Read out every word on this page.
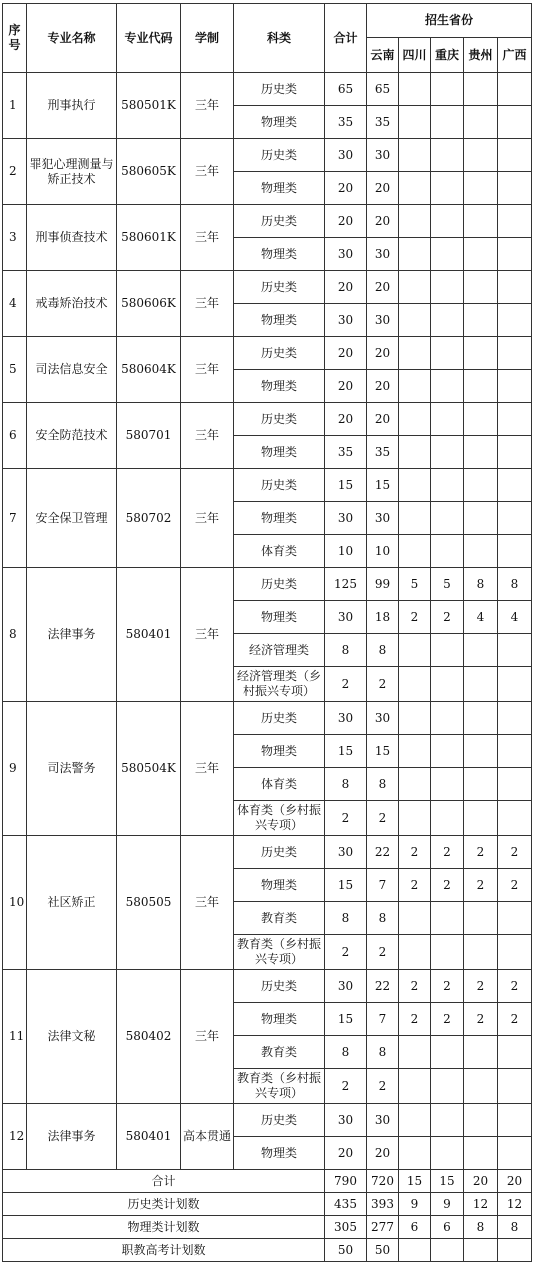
序号	专业名称	专业代码	学制	科类	合计	招生省份				
						云南	四川	重庆	贵州	广西
1	刑事执行	580501K	三年	历史类	65	65				
				物理类	35	35				
2	罪犯心理测量与矫正技术	580605K	三年	历史类	30	30				
				物理类	20	20				
3	刑事侦查技术	580601K	三年	历史类	20	20				
				物理类	30	30				
4	戒毒矫治技术	580606K	三年	历史类	20	20				
				物理类	30	30				
5	司法信息安全	580604K	三年	历史类	20	20				
				物理类	20	20				
6	安全防范技术	580701	三年	历史类	20	20				
				物理类	35	35				
7	安全保卫管理	580702	三年	历史类	15	15				
				物理类	30	30				
				体育类	10	10				
8	法律事务	580401	三年	历史类	125	99	5	5	8	8
				物理类	30	18	2	2	4	4
				经济管理类	8	8				
				经济管理类（乡村振兴专项）	2	2				
9	司法警务	580504K	三年	历史类	30	30				
				物理类	15	15				
				体育类	8	8				
				体育类（乡村振兴专项）	2	2				
10	社区矫正	580505	三年	历史类	30	22	2	2	2	2
				物理类	15	7	2	2	2	2
				教育类	8	8				
				教育类（乡村振兴专项）	2	2				
11	法律文秘	580402	三年	历史类	30	22	2	2	2	2
				物理类	15	7	2	2	2	2
				教育类	8	8				
				教育类（乡村振兴专项）	2	2				
12	法律事务	580401	高本贯通	历史类	30	30				
				物理类	20	20				
合计					790	720	15	15	20	20
历史类计划数					435	393	9	9	12	12
物理类计划数					305	277	6	6	8	8
职教高考计划数					50	50				
